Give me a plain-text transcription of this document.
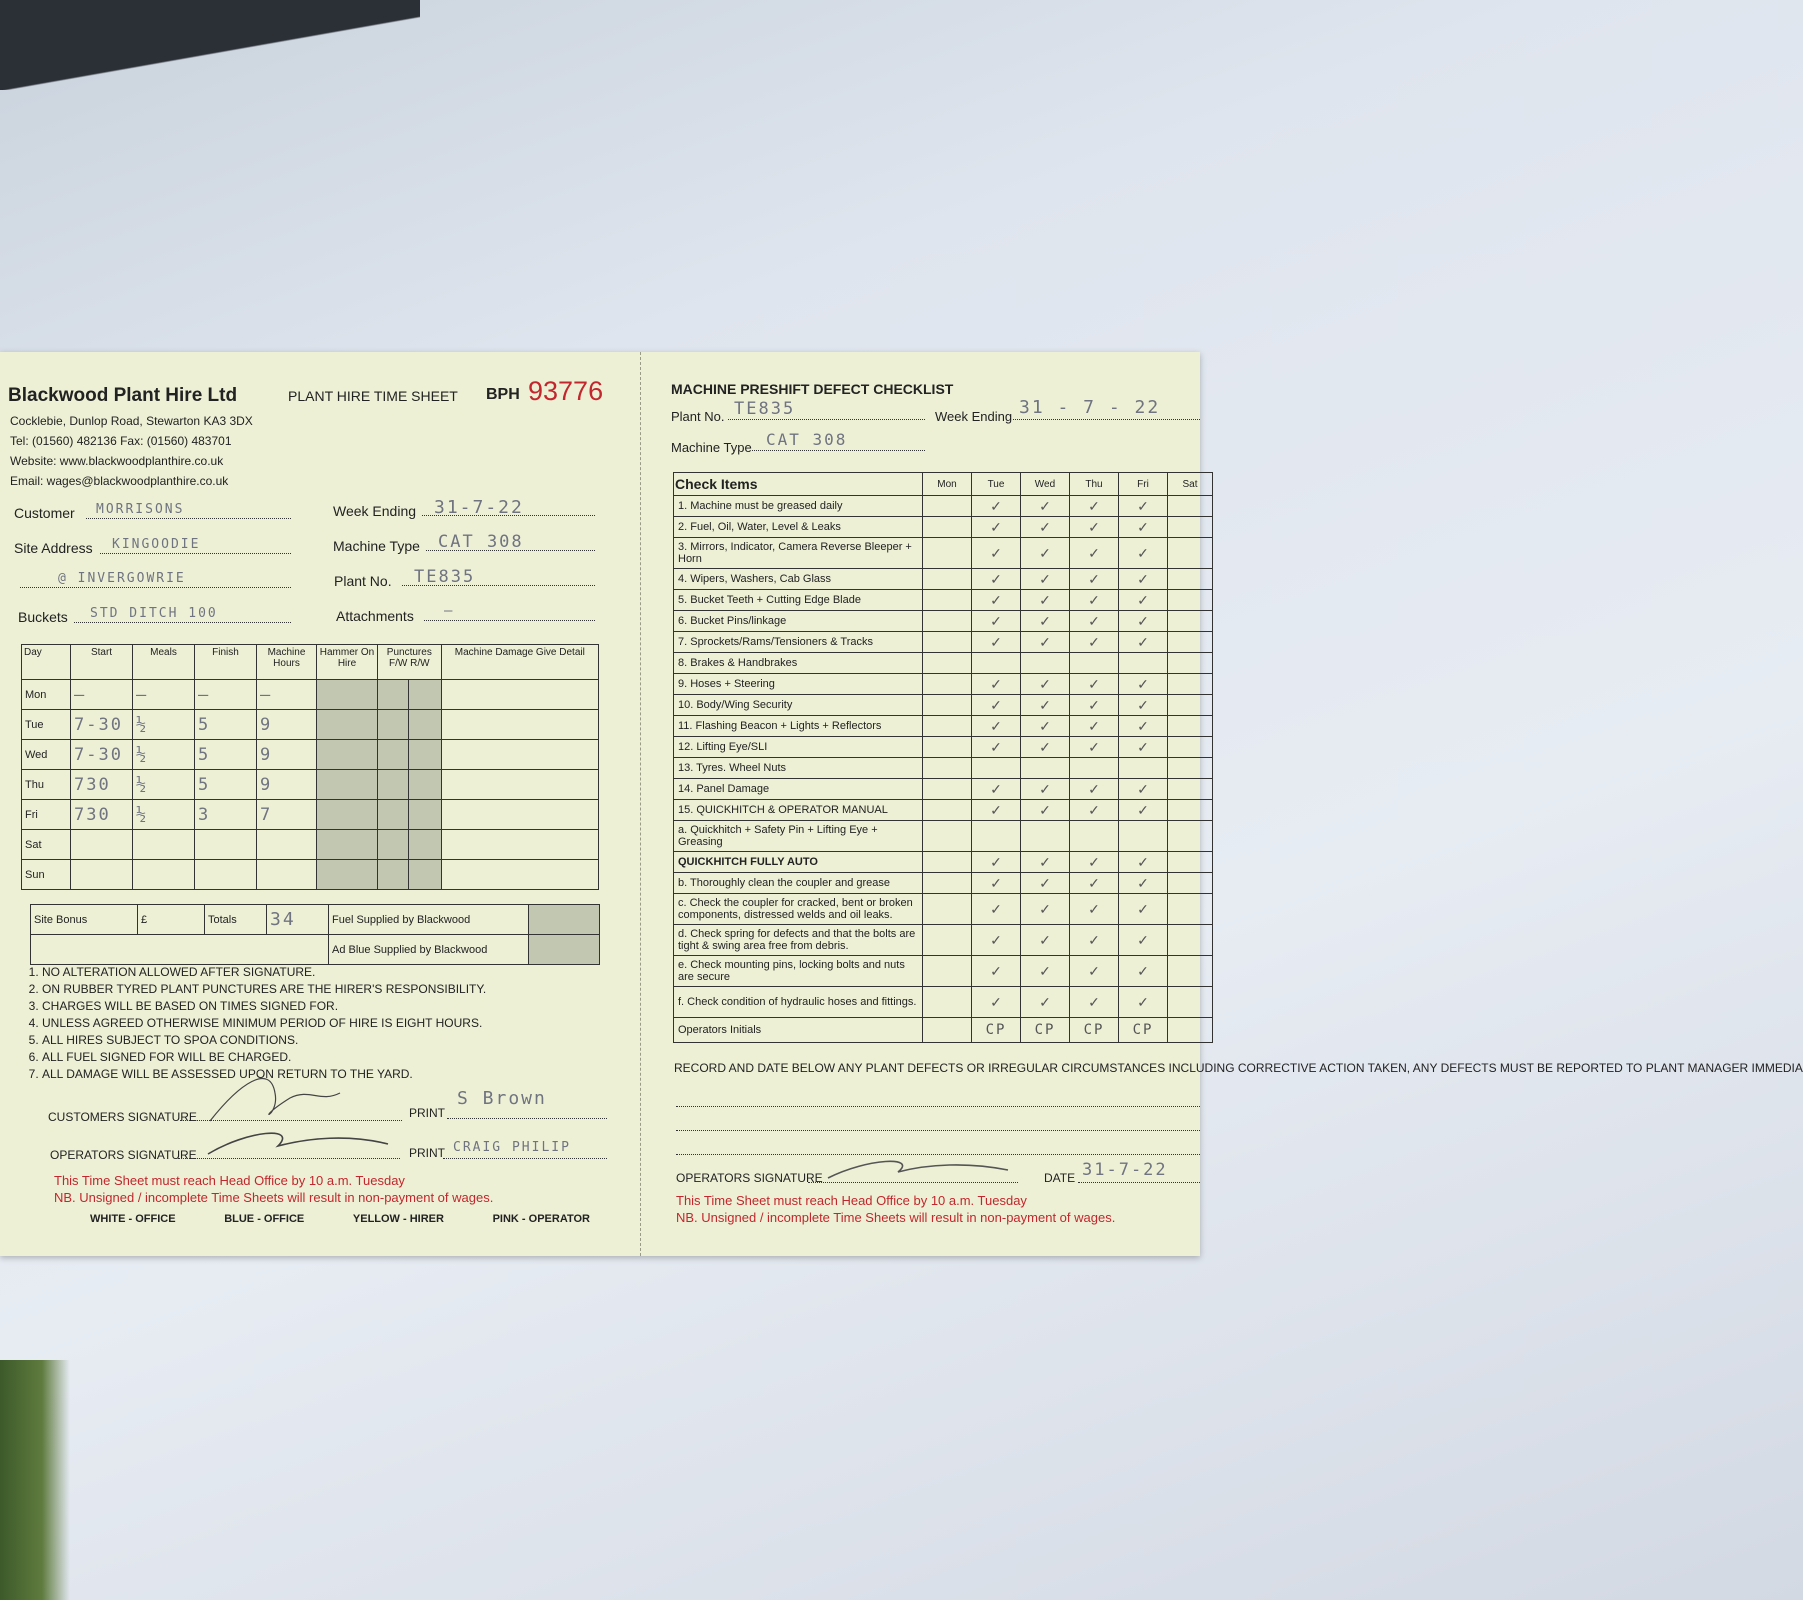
Blackwood Plant Hire Ltd
Cocklebie, Dunlop Road, Stewarton KA3 3DX
Tel: (01560) 482136 Fax: (01560) 483701
Website: www.blackwoodplanthire.co.uk
Email: wages@blackwoodplanthire.co.uk
PLANT HIRE TIME SHEET BPH 93776
Customer	MORRISONS
Site Address	KINGOODIE
@ INVERGOWRIE
Buckets	STD DITCH 100
Week Ending 31-7-22
Machine Type	CAT 308
Plant No.	TE835
Attachments	—
Day	Start	Meals	Finish	Machine Hours	Hammer On Hire	Punctures F/W R/W		Machine Damage Give Detail
Mon	—	—	—	—				
Tue	7-30	½	5	9				
Wed	7-30	½	5	9				
Thu	730	½	5	9				
Fri	730	½	3	7				
Sat								
Sun								
Site Bonus	£	Totals	34	Fuel Supplied by Blackwood	
				Ad Blue Supplied by Blackwood	
1. NO ALTERATION ALLOWED AFTER SIGNATURE.
2. ON RUBBER TYRED PLANT PUNCTURES ARE THE HIRER'S RESPONSIBILITY.
3. CHARGES WILL BE BASED ON TIMES SIGNED FOR.
4. UNLESS AGREED OTHERWISE MINIMUM PERIOD OF HIRE IS EIGHT HOURS.
5. ALL HIRES SUBJECT TO SPOA CONDITIONS.
6. ALL FUEL SIGNED FOR WILL BE CHARGED.
7. ALL DAMAGE WILL BE ASSESSED UPON RETURN TO THE YARD.
CUSTOMERS SIGNATURE	PRINT
S Brown
OPERATORS SIGNATURE	PRINT $^{CRAIG PHILIP}$
This Time Sheet must reach Head Office by 10 a.m. Tuesday
NB. Unsigned / incomplete Time Sheets will result in non-payment of wages.
WHITE - OFFICE	BLUE - OFFICE	YELLOW - HIRER	PINK - OPERATOR
MACHINE PRESHIFT DEFECT CHECKLIST
Plant No. TE835	Week Ending 31 - 7 - 22
Machine Type CAT 308
Check Items	Mon	Tue	Wed	Thu	Fri	Sat
1. Machine must be greased daily		✓	✓	✓	✓	
2. Fuel, Oil, Water, Level & Leaks		✓	✓	✓	✓	
3. Mirrors, Indicator, Camera Reverse Bleeper + Horn		✓	✓	✓	✓	
4. Wipers, Washers, Cab Glass		✓	✓	✓	✓	
5. Bucket Teeth + Cutting Edge Blade		✓	✓	✓	✓	
6. Bucket Pins/linkage		✓	✓	✓	✓	
7. Sprockets/Rams/Tensioners & Tracks		✓	✓	✓	✓	
8. Brakes & Handbrakes						
9. Hoses + Steering		✓	✓	✓	✓	
10. Body/Wing Security		✓	✓	✓	✓	
11. Flashing Beacon + Lights + Reflectors		✓	✓	✓	✓	
12. Lifting Eye/SLI		✓	✓	✓	✓	
13. Tyres. Wheel Nuts						
14. Panel Damage		✓	✓	✓	✓	
15. QUICKHITCH & OPERATOR MANUAL		✓	✓	✓	✓	
a. Quickhitch + Safety Pin + Lifting Eye + Greasing						
QUICKHITCH FULLY AUTO		✓	✓	✓	✓	
b. Thoroughly clean the coupler and grease		✓	✓	✓	✓	
c. Check the coupler for cracked, bent or broken components, distressed welds and oil leaks.		✓	✓	✓	✓	
d. Check spring for defects and that the bolts are tight & swing area free from debris.		✓	✓	✓	✓	
e. Check mounting pins, locking bolts and nuts are secure		✓	✓	✓	✓	
f. Check condition of hydraulic hoses and fittings.		✓	✓	✓	✓	
Operators Initials		CP	CP	CP	CP	
RECORD AND DATE BELOW ANY PLANT DEFECTS OR IRREGULAR CIRCUMSTANCES INCLUDING CORRECTIVE ACTION TAKEN, ANY DEFECTS MUST BE REPORTED TO PLANT MANAGER IMMEDIA
OPERATORS SIGNATURE	DATE 31-7-22
This Time Sheet must reach Head Office by 10 a.m. Tuesday
NB. Unsigned / incomplete Time Sheets will result in non-payment of wages.
